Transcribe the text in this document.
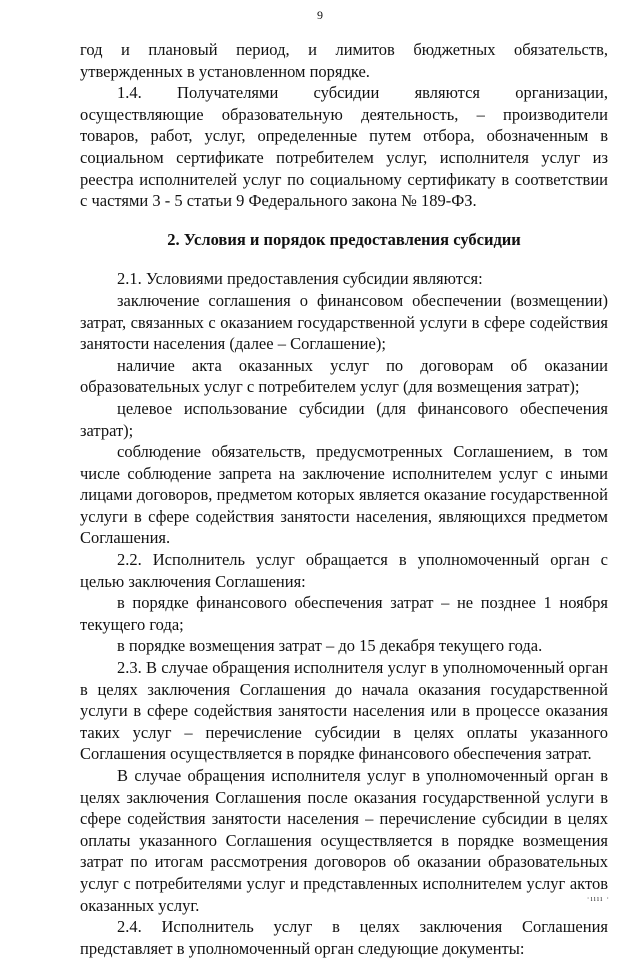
9

год и плановый период, и лимитов бюджетных обязательств, утвержденных в установленном порядке.

1.4. Получателями субсидии являются организации, осуществляющие образовательную деятельность, – производители товаров, работ, услуг, определенные путем отбора, обозначенным в социальном сертификате потребителем услуг, исполнителя услуг из реестра исполнителей услуг по социальному сертификату в соответствии с частями 3 - 5 статьи 9 Федерального закона № 189-ФЗ.

2. Условия и порядок предоставления субсидии

2.1. Условиями предоставления субсидии являются:

заключение соглашения о финансовом обеспечении (возмещении) затрат, связанных с оказанием государственной услуги в сфере содействия занятости населения (далее – Соглашение);

наличие акта оказанных услуг по договорам об оказании образовательных услуг с потребителем услуг (для возмещения затрат);

целевое использование субсидии (для финансового обеспечения затрат);

соблюдение обязательств, предусмотренных Соглашением, в том числе соблюдение запрета на заключение исполнителем услуг с иными лицами договоров, предметом которых является оказание государственной услуги в сфере содействия занятости населения, являющихся предметом Соглашения.

2.2. Исполнитель услуг обращается в уполномоченный орган с целью заключения Соглашения:

в порядке финансового обеспечения затрат – не позднее 1 ноября текущего года;

в порядке возмещения затрат – до 15 декабря текущего года.

2.3. В случае обращения исполнителя услуг в уполномоченный орган в целях заключения Соглашения до начала оказания государственной услуги в сфере содействия занятости населения или в процессе оказания таких услуг – перечисление субсидии в целях оплаты указанного Соглашения осуществляется в порядке финансового обеспечения затрат.

В случае обращения исполнителя услуг в уполномоченный орган в целях заключения Соглашения после оказания государственной услуги в сфере содействия занятости населения – перечисление субсидии в целях оплаты указанного Соглашения осуществляется в порядке возмещения затрат по итогам рассмотрения договоров об оказании образовательных услуг с потребителями услуг и представленных исполнителем услуг актов оказанных услуг.

2.4. Исполнитель услуг в целях заключения Соглашения представляет в уполномоченный орган следующие документы:

·ıııı ·
